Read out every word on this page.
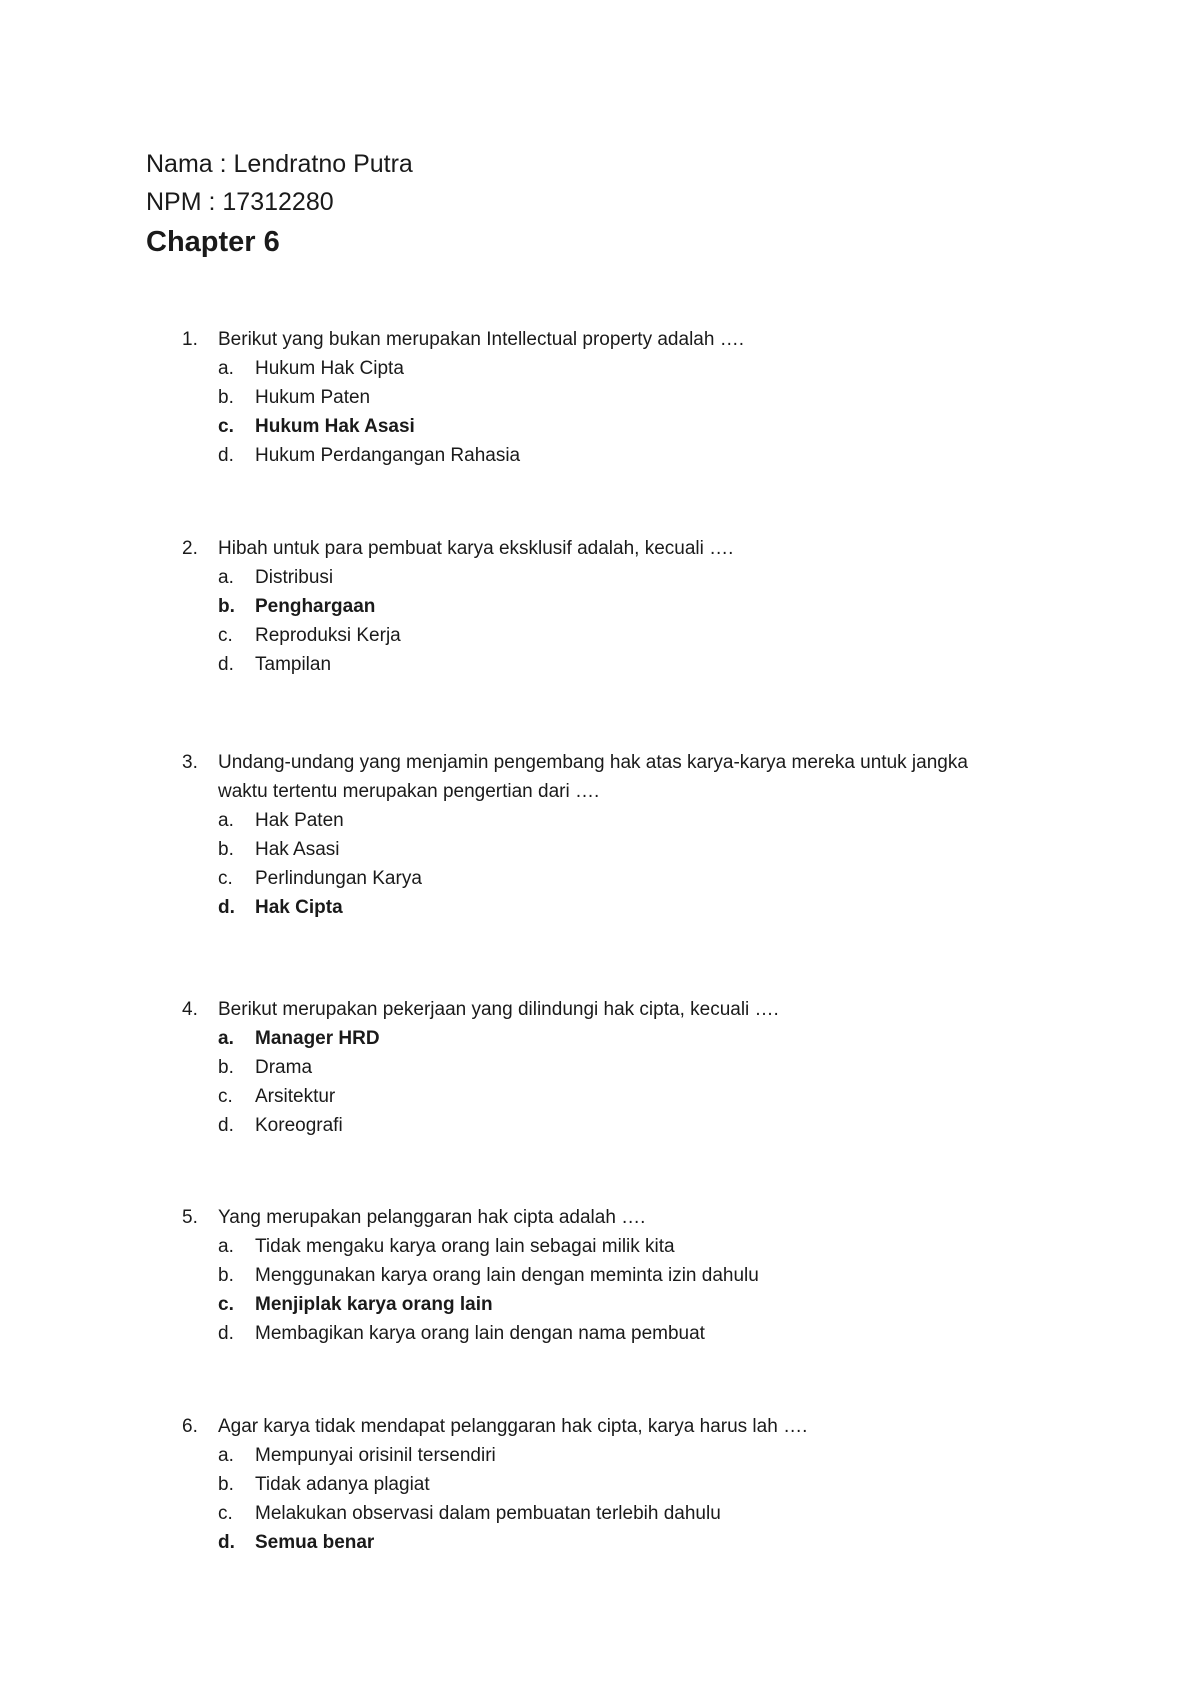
Nama : Lendratno Putra
NPM : 17312280
Chapter 6
1. Berikut yang bukan merupakan Intellectual property adalah ….
a. Hukum Hak Cipta
b. Hukum Paten
c. Hukum Hak Asasi
d. Hukum Perdangangan Rahasia
2. Hibah untuk para pembuat karya eksklusif adalah, kecuali ….
a. Distribusi
b. Penghargaan
c. Reproduksi Kerja
d. Tampilan
3. Undang-undang yang menjamin pengembang hak atas karya-karya mereka untuk jangka
waktu tertentu merupakan pengertian dari ….
a. Hak Paten
b. Hak Asasi
c. Perlindungan Karya
d. Hak Cipta
4. Berikut merupakan pekerjaan yang dilindungi hak cipta, kecuali ….
a. Manager HRD
b. Drama
c. Arsitektur
d. Koreografi
5. Yang merupakan pelanggaran hak cipta adalah ….
a. Tidak mengaku karya orang lain sebagai milik kita
b. Menggunakan karya orang lain dengan meminta izin dahulu
c. Menjiplak karya orang lain
d. Membagikan karya orang lain dengan nama pembuat
6. Agar karya tidak mendapat pelanggaran hak cipta, karya harus lah ….
a. Mempunyai orisinil tersendiri
b. Tidak adanya plagiat
c. Melakukan observasi dalam pembuatan terlebih dahulu
d. Semua benar
